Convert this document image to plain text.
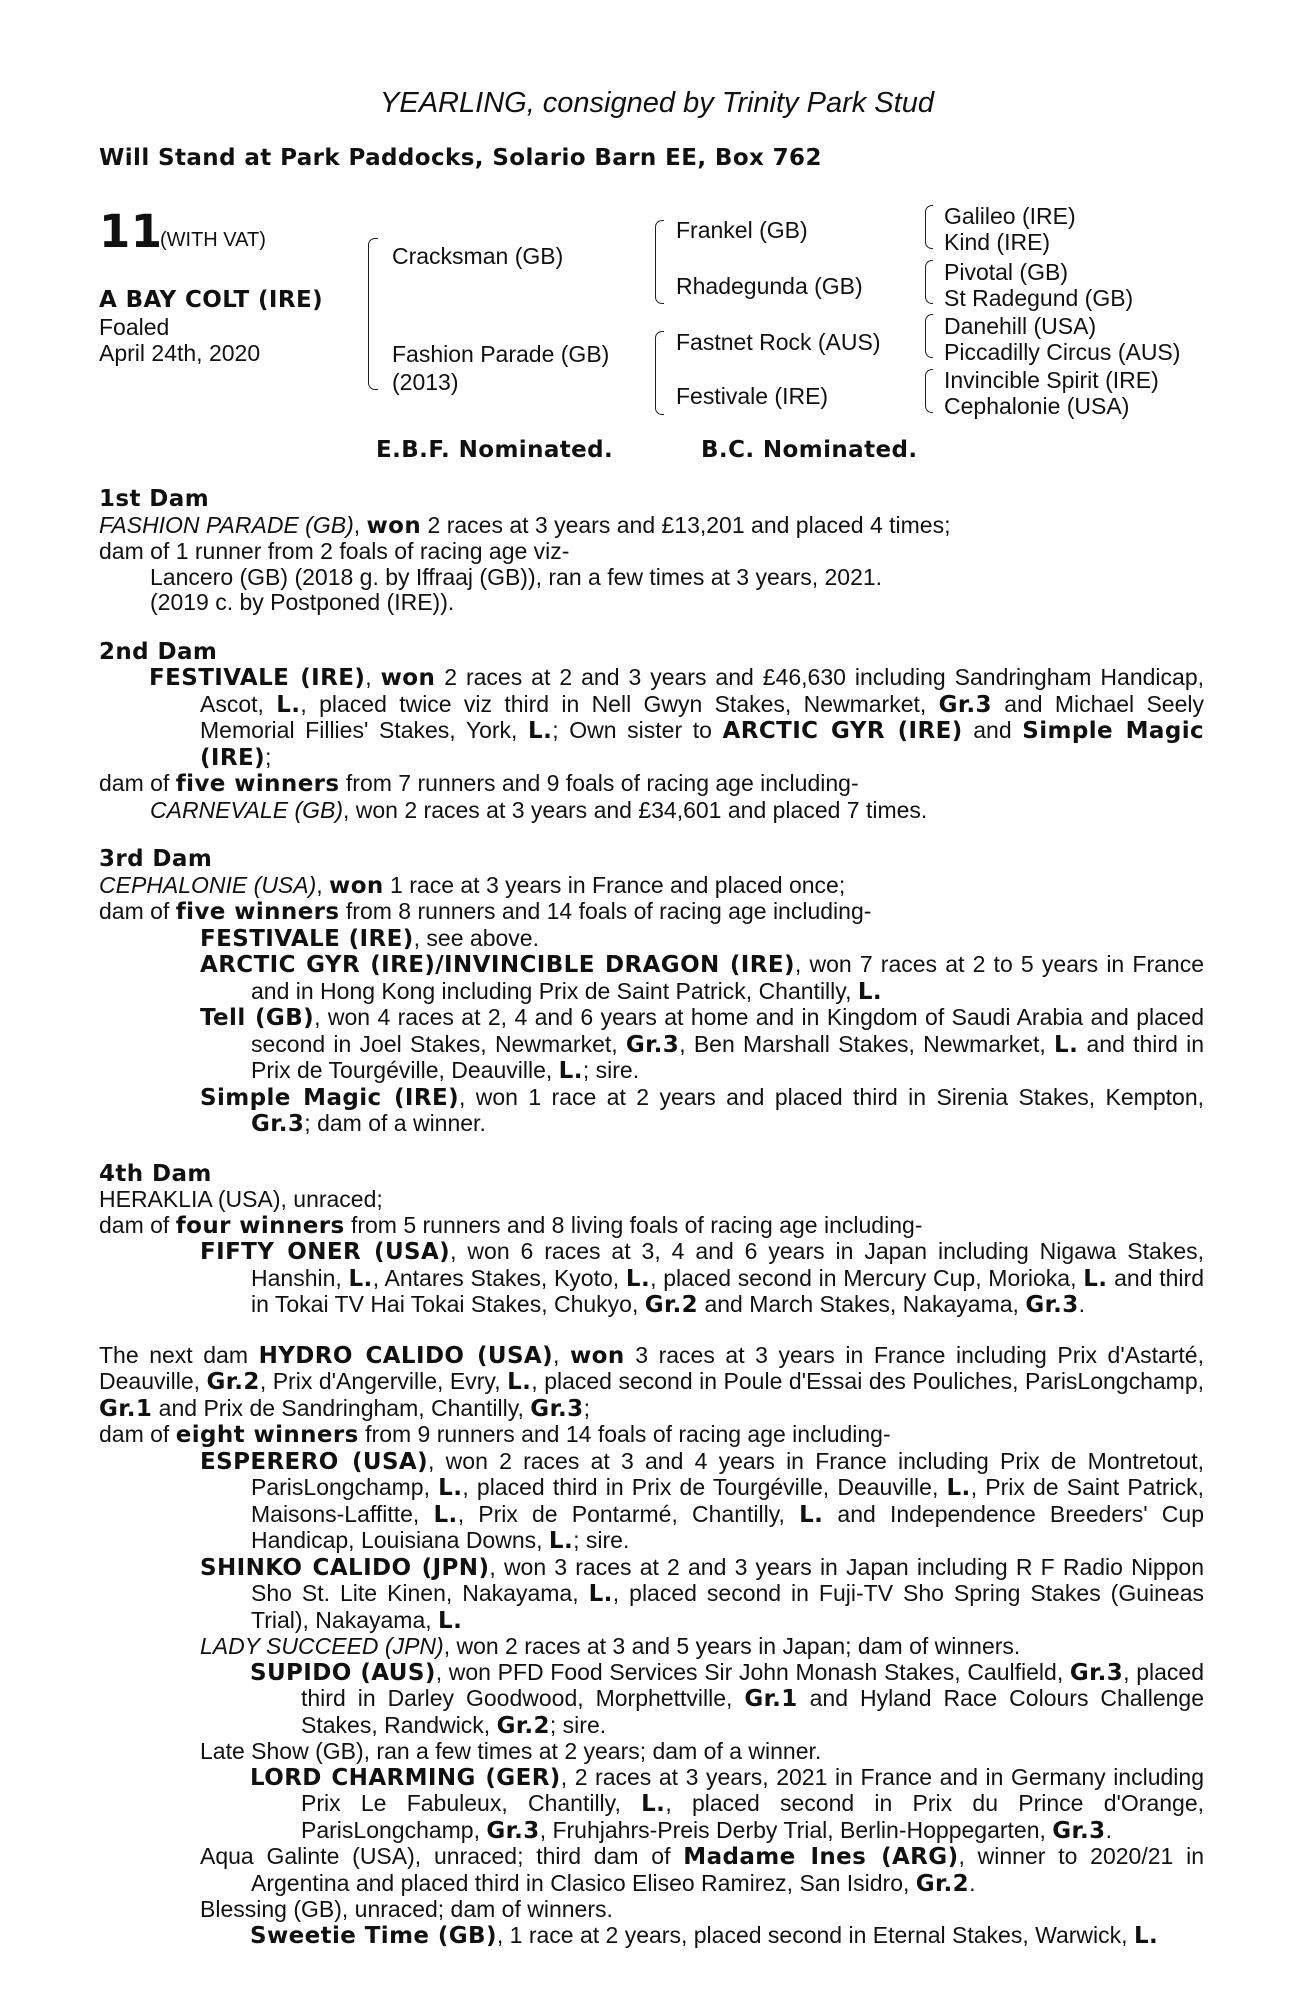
YEARLING, consigned by Trinity Park Stud
Will Stand at Park Paddocks, Solario Barn EE, Box 762
11
(WITH VAT)
A BAY COLT (IRE)
Foaled
April 24th, 2020
Cracksman (GB)
Fashion Parade (GB)
(2013)
Frankel (GB)
Rhadegunda (GB)
Fastnet Rock (AUS)
Festivale (IRE)
Galileo (IRE)
Kind (IRE)
Pivotal (GB)
St Radegund (GB)
Danehill (USA)
Piccadilly Circus (AUS)
Invincible Spirit (IRE)
Cephalonie (USA)
E.B.F. Nominated.	B.C. Nominated.

1st Dam

FASHION PARADE (GB), won 2 races at 3 years and £13,201 and placed 4 times;

dam of 1 runner from 2 foals of racing age viz-

Lancero (GB) (2018 g. by Iffraaj (GB)), ran a few times at 3 years, 2021.

(2019 c. by Postponed (IRE)).

2nd Dam

FESTIVALE (IRE), won 2 races at 2 and 3 years and £46,630 including Sandringham Handicap, Ascot, L., placed twice viz third in Nell Gwyn Stakes, Newmarket, Gr.3 and Michael Seely Memorial Fillies' Stakes, York, L.; Own sister to ARCTIC GYR (IRE) and Simple Magic (IRE);

dam of five winners from 7 runners and 9 foals of racing age including-

CARNEVALE (GB), won 2 races at 3 years and £34,601 and placed 7 times.

3rd Dam

CEPHALONIE (USA), won 1 race at 3 years in France and placed once;

dam of five winners from 8 runners and 14 foals of racing age including-

FESTIVALE (IRE), see above.

ARCTIC GYR (IRE)/INVINCIBLE DRAGON (IRE), won 7 races at 2 to 5 years in France and in Hong Kong including Prix de Saint Patrick, Chantilly, L.

Tell (GB), won 4 races at 2, 4 and 6 years at home and in Kingdom of Saudi Arabia and placed second in Joel Stakes, Newmarket, Gr.3, Ben Marshall Stakes, Newmarket, L. and third in Prix de Tourgéville, Deauville, L.; sire.

Simple Magic (IRE), won 1 race at 2 years and placed third in Sirenia Stakes, Kempton, Gr.3; dam of a winner.

4th Dam

HERAKLIA (USA), unraced;

dam of four winners from 5 runners and 8 living foals of racing age including-

FIFTY ONER (USA), won 6 races at 3, 4 and 6 years in Japan including Nigawa Stakes, Hanshin, L., Antares Stakes, Kyoto, L., placed second in Mercury Cup, Morioka, L. and third in Tokai TV Hai Tokai Stakes, Chukyo, Gr.2 and March Stakes, Nakayama, Gr.3.

The next dam HYDRO CALIDO (USA), won 3 races at 3 years in France including Prix d'Astarté, Deauville, Gr.2, Prix d'Angerville, Evry, L., placed second in Poule d'Essai des Pouliches, ParisLongchamp, Gr.1 and Prix de Sandringham, Chantilly, Gr.3;

dam of eight winners from 9 runners and 14 foals of racing age including-

ESPERERO (USA), won 2 races at 3 and 4 years in France including Prix de Montretout, ParisLongchamp, L., placed third in Prix de Tourgéville, Deauville, L., Prix de Saint Patrick, Maisons-Laffitte, L., Prix de Pontarmé, Chantilly, L. and Independence Breeders' Cup Handicap, Louisiana Downs, L.; sire.

SHINKO CALIDO (JPN), won 3 races at 2 and 3 years in Japan including R F Radio Nippon Sho St. Lite Kinen, Nakayama, L., placed second in Fuji-TV Sho Spring Stakes (Guineas Trial), Nakayama, L.

LADY SUCCEED (JPN), won 2 races at 3 and 5 years in Japan; dam of winners.

SUPIDO (AUS), won PFD Food Services Sir John Monash Stakes, Caulfield, Gr.3, placed third in Darley Goodwood, Morphettville, Gr.1 and Hyland Race Colours Challenge Stakes, Randwick, Gr.2; sire.

Late Show (GB), ran a few times at 2 years; dam of a winner.

LORD CHARMING (GER), 2 races at 3 years, 2021 in France and in Germany including Prix Le Fabuleux, Chantilly, L., placed second in Prix du Prince d'Orange, ParisLongchamp, Gr.3, Fruhjahrs-Preis Derby Trial, Berlin-Hoppegarten, Gr.3.

Aqua Galinte (USA), unraced; third dam of Madame Ines (ARG), winner to 2020/21 in Argentina and placed third in Clasico Eliseo Ramirez, San Isidro, Gr.2.

Blessing (GB), unraced; dam of winners.

Sweetie Time (GB), 1 race at 2 years, placed second in Eternal Stakes, Warwick, L.
